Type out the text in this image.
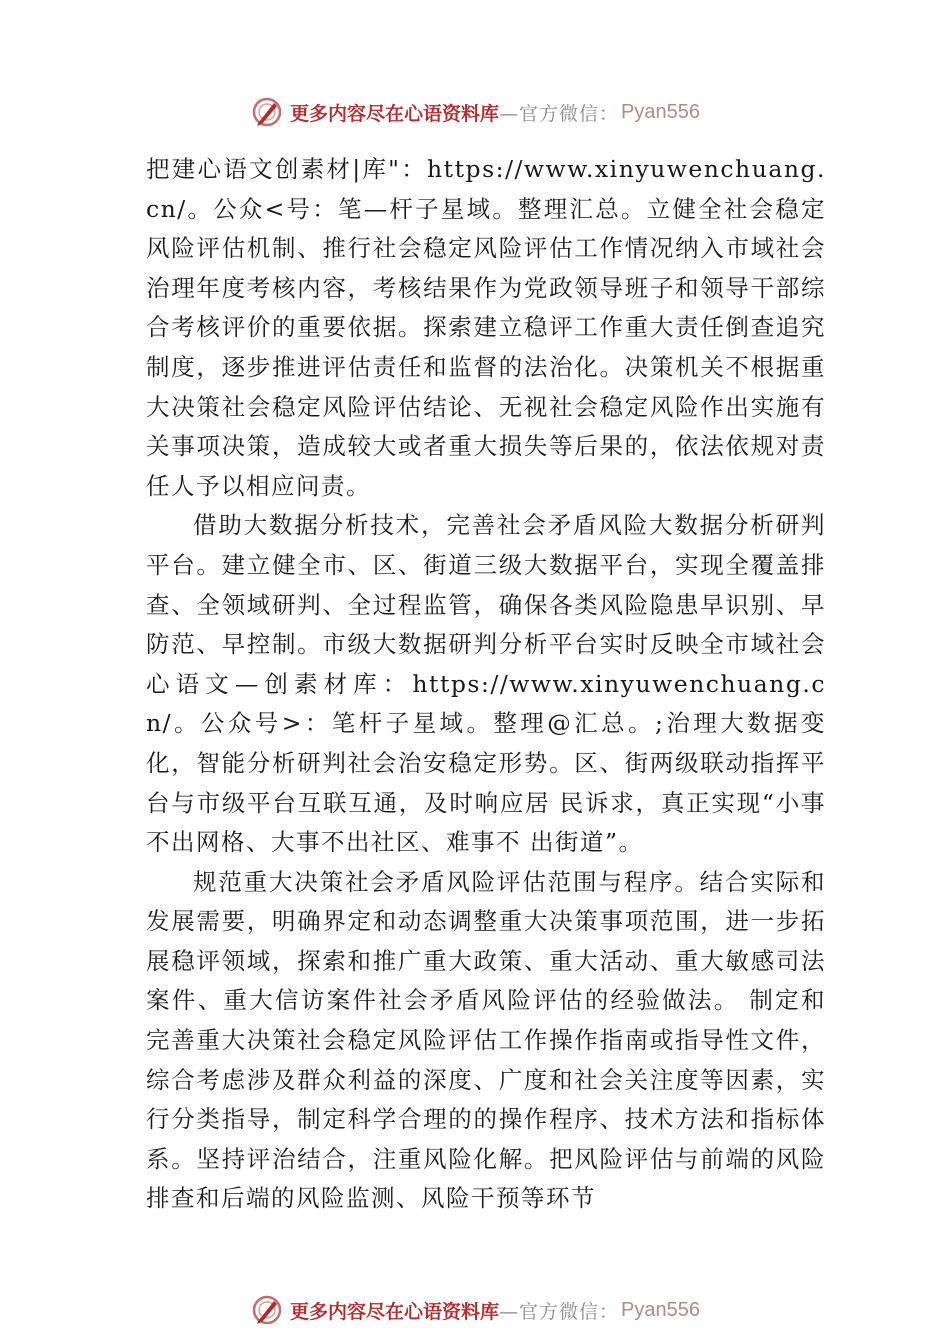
更多内容尽在心语资料库 —官方微信： Pyan556

把建心语文创素材|库"：https://www.xinyuwenchuang.cn/。公众<号：笔—杆子星域。整理汇总。立健全社会稳定风险评估机制、推行社会稳定风险评估工作情况纳入市域社会治理年度考核内容，考核结果作为党政领导班子和领导干部综合考核评价的重要依据。探索建立稳评工作重大责任倒查追究制度，逐步推进评估责任和监督的法治化。决策机关不根据重大决策社会稳定风险评估结论、无视社会稳定风险作出实施有关事项决策，造成较大或者重大损失等后果的，依法依规对责任人予以相应问责。

借助大数据分析技术，完善社会矛盾风险大数据分析研判平台。建立健全市、区、街道三级大数据平台，实现全覆盖排查、全领域研判、全过程监管，确保各类风险隐患早识别、早防范、早控制。市级大数据研判分析平台实时反映全市域社会心语文—创素材库：https://www.xinyuwenchuang.cn/。公众号>：笔杆子星域。整理@汇总。;治理大数据变化，智能分析研判社会治安稳定形势。区、街两级联动指挥平台与市级平台互联互通，及时响应居 民诉求，真正实现“小事不出网格、大事不出社区、难事不 出街道”。

规范重大决策社会矛盾风险评估范围与程序。结合实际和发展需要，明确界定和动态调整重大决策事项范围，进一步拓展稳评领域，探索和推广重大政策、重大活动、重大敏感司法案件、重大信访案件社会矛盾风险评估的经验做法。 制定和完善重大决策社会稳定风险评估工作操作指南或指导性文件，综合考虑涉及群众利益的深度、广度和社会关注度等因素，实行分类指导，制定科学合理的的操作程序、技术方法和指标体系。坚持评治结合，注重风险化解。把风险评估与前端的风险排查和后端的风险监测、风险干预等环节

更多内容尽在心语资料库 —官方微信： Pyan556
